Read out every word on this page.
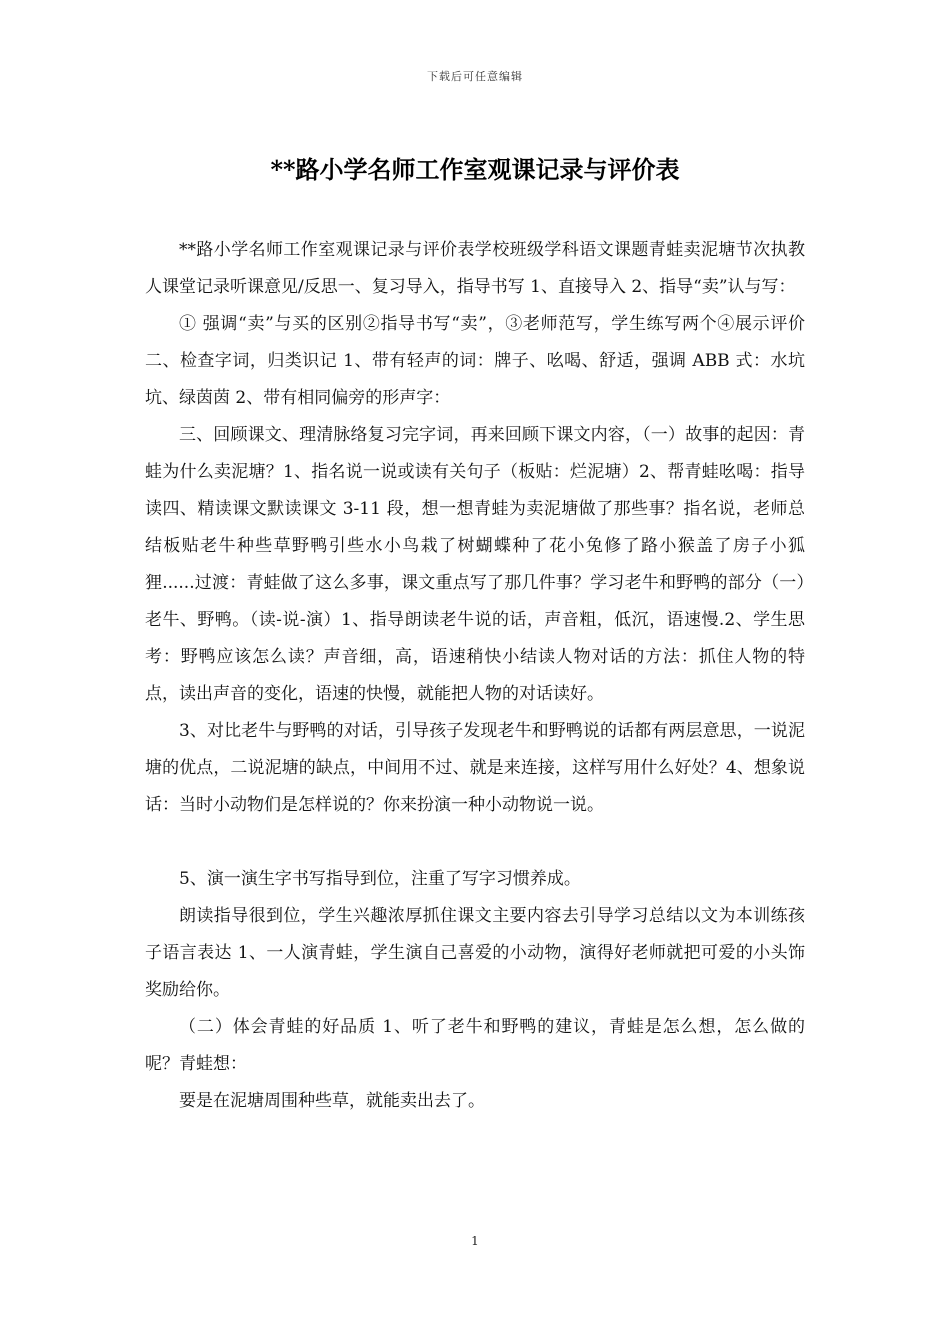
下载后可任意编辑
**路小学名师工作室观课记录与评价表

**路小学名师工作室观课记录与评价表学校班级学科语文课题青蛙卖泥塘节次执教人课堂记录听课意见/反思一、复习导入，指导书写 1、直接导入 2、指导“卖”认与写：

① 强调“卖”与买的区别②指导书写“卖”，③老师范写，学生练写两个④展示评价二、检查字词，归类识记 1、带有轻声的词：牌子、吆喝、舒适，强调 ABB 式：水坑坑、绿茵茵 2、带有相同偏旁的形声字：

三、回顾课文、理清脉络复习完字词，再来回顾下课文内容，（一）故事的起因：青蛙为什么卖泥塘？1、指名说一说或读有关句子（板贴：烂泥塘）2、帮青蛙吆喝：指导读四、精读课文默读课文 3-11 段，想一想青蛙为卖泥塘做了那些事？指名说，老师总结板贴老牛种些草野鸭引些水小鸟栽了树蝴蝶种了花小兔修了路小猴盖了房子小狐狸......过渡：青蛙做了这么多事，课文重点写了那几件事？学习老牛和野鸭的部分（一）老牛、野鸭。（读-说-演）1、指导朗读老牛说的话，声音粗，低沉，语速慢.2、学生思考：野鸭应该怎么读？声音细，高，语速稍快小结读人物对话的方法：抓住人物的特点，读出声音的变化，语速的快慢，就能把人物的对话读好。

3、对比老牛与野鸭的对话，引导孩子发现老牛和野鸭说的话都有两层意思，一说泥塘的优点，二说泥塘的缺点，中间用不过、就是来连接，这样写用什么好处？4、想象说话：当时小动物们是怎样说的？你来扮演一种小动物说一说。

5、演一演生字书写指导到位，注重了写字习惯养成。

朗读指导很到位，学生兴趣浓厚抓住课文主要内容去引导学习总结以文为本训练孩子语言表达 1、一人演青蛙，学生演自己喜爱的小动物，演得好老师就把可爱的小头饰奖励给你。

（二）体会青蛙的好品质 1、听了老牛和野鸭的建议，青蛙是怎么想，怎么做的呢？青蛙想：

要是在泥塘周围种些草，就能卖出去了。

1
